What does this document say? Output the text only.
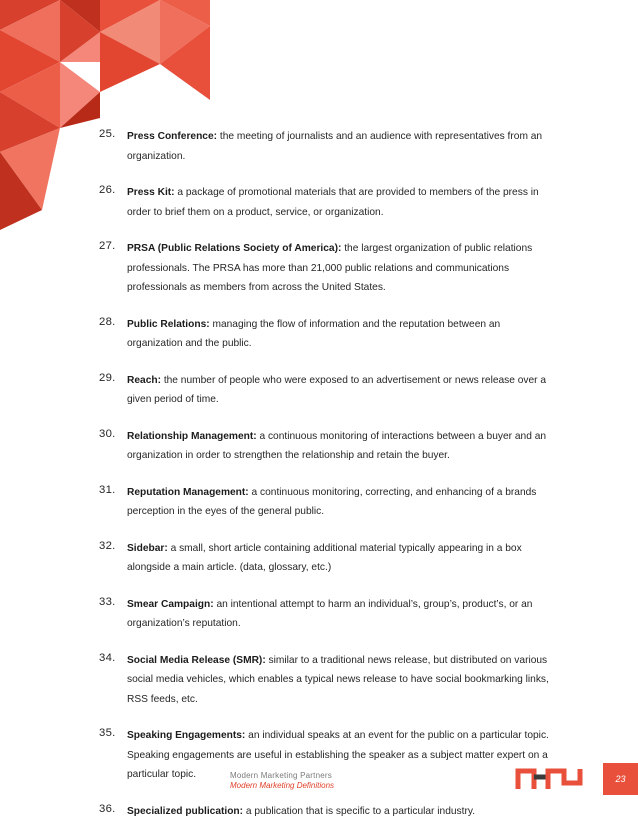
25. Press Conference: the meeting of journalists and an audience with representatives from an organization.
26. Press Kit: a package of promotional materials that are provided to members of the press in order to brief them on a product, service, or organization.
27. PRSA (Public Relations Society of America): the largest organization of public relations professionals. The PRSA has more than 21,000 public relations and communications professionals as members from across the United States.
28. Public Relations: managing the flow of information and the reputation between an organization and the public.
29. Reach: the number of people who were exposed to an advertisement or news release over a given period of time.
30. Relationship Management: a continuous monitoring of interactions between a buyer and an organization in order to strengthen the relationship and retain the buyer.
31. Reputation Management: a continuous monitoring, correcting, and enhancing of a brands perception in the eyes of the general public.
32. Sidebar: a small, short article containing additional material typically appearing in a box alongside a main article. (data, glossary, etc.)
33. Smear Campaign: an intentional attempt to harm an individual’s, group’s, product’s, or an organization’s reputation.
34. Social Media Release (SMR): similar to a traditional news release, but distributed on various social media vehicles, which enables a typical news release to have social bookmarking links, RSS feeds, etc.
35. Speaking Engagements: an individual speaks at an event for the public on a particular topic. Speaking engagements are useful in establishing the speaker as a subject matter expert on a particular topic.
36. Specialized publication: a publication that is specific to a particular industry.
Modern Marketing Partners
Modern Marketing Definitions
23
